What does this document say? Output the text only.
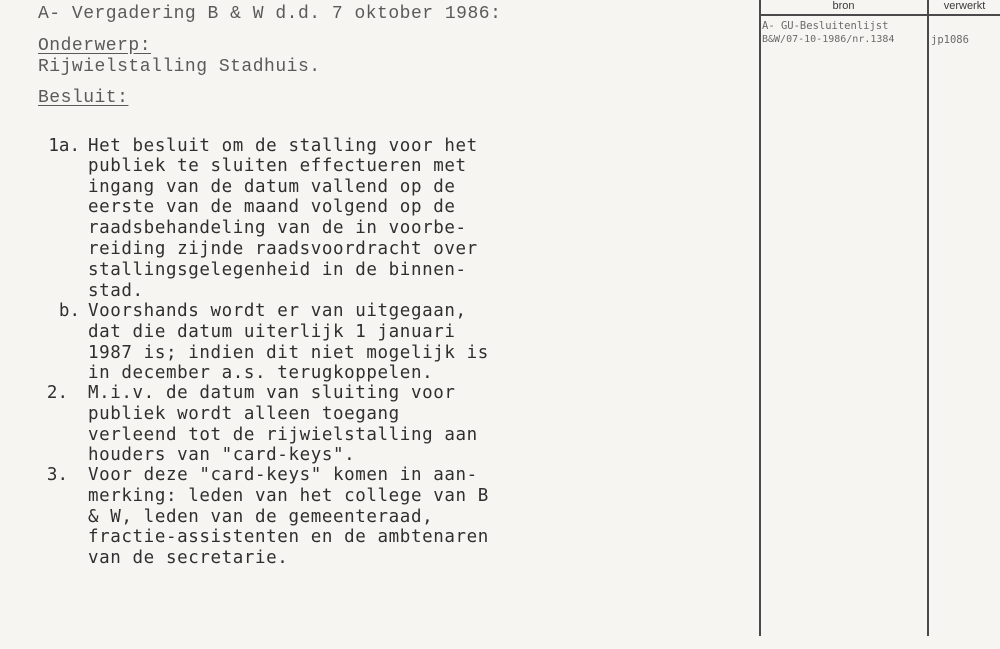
A- Vergadering B & W d.d. 7 oktober 1986:
Onderwerp:
Rijwielstalling Stadhuis.
Besluit:
1a. Het besluit om de stalling voor het
publiek te sluiten effectueren met
ingang van de datum vallend op de
eerste van de maand volgend op de
raadsbehandeling van de in voorbe-
reiding zijnde raadsvoordracht over
stallingsgelegenheid in de binnen-
stad.
b. Voorshands wordt er van uitgegaan,
dat die datum uiterlijk 1 januari
1987 is; indien dit niet mogelijk is
in december a.s. terugkoppelen.
2. M.i.v. de datum van sluiting voor
publiek wordt alleen toegang
verleend tot de rijwielstalling aan
houders van "card-keys".
3. Voor deze "card-keys" komen in aan-
merking: leden van het college van B
& W, leden van de gemeenteraad,
fractie-assistenten en de ambtenaren
van de secretarie.
bron	verwerkt
A- GU-Besluitenlijst
B&W/07-10-1986/nr.1384	jp1086
